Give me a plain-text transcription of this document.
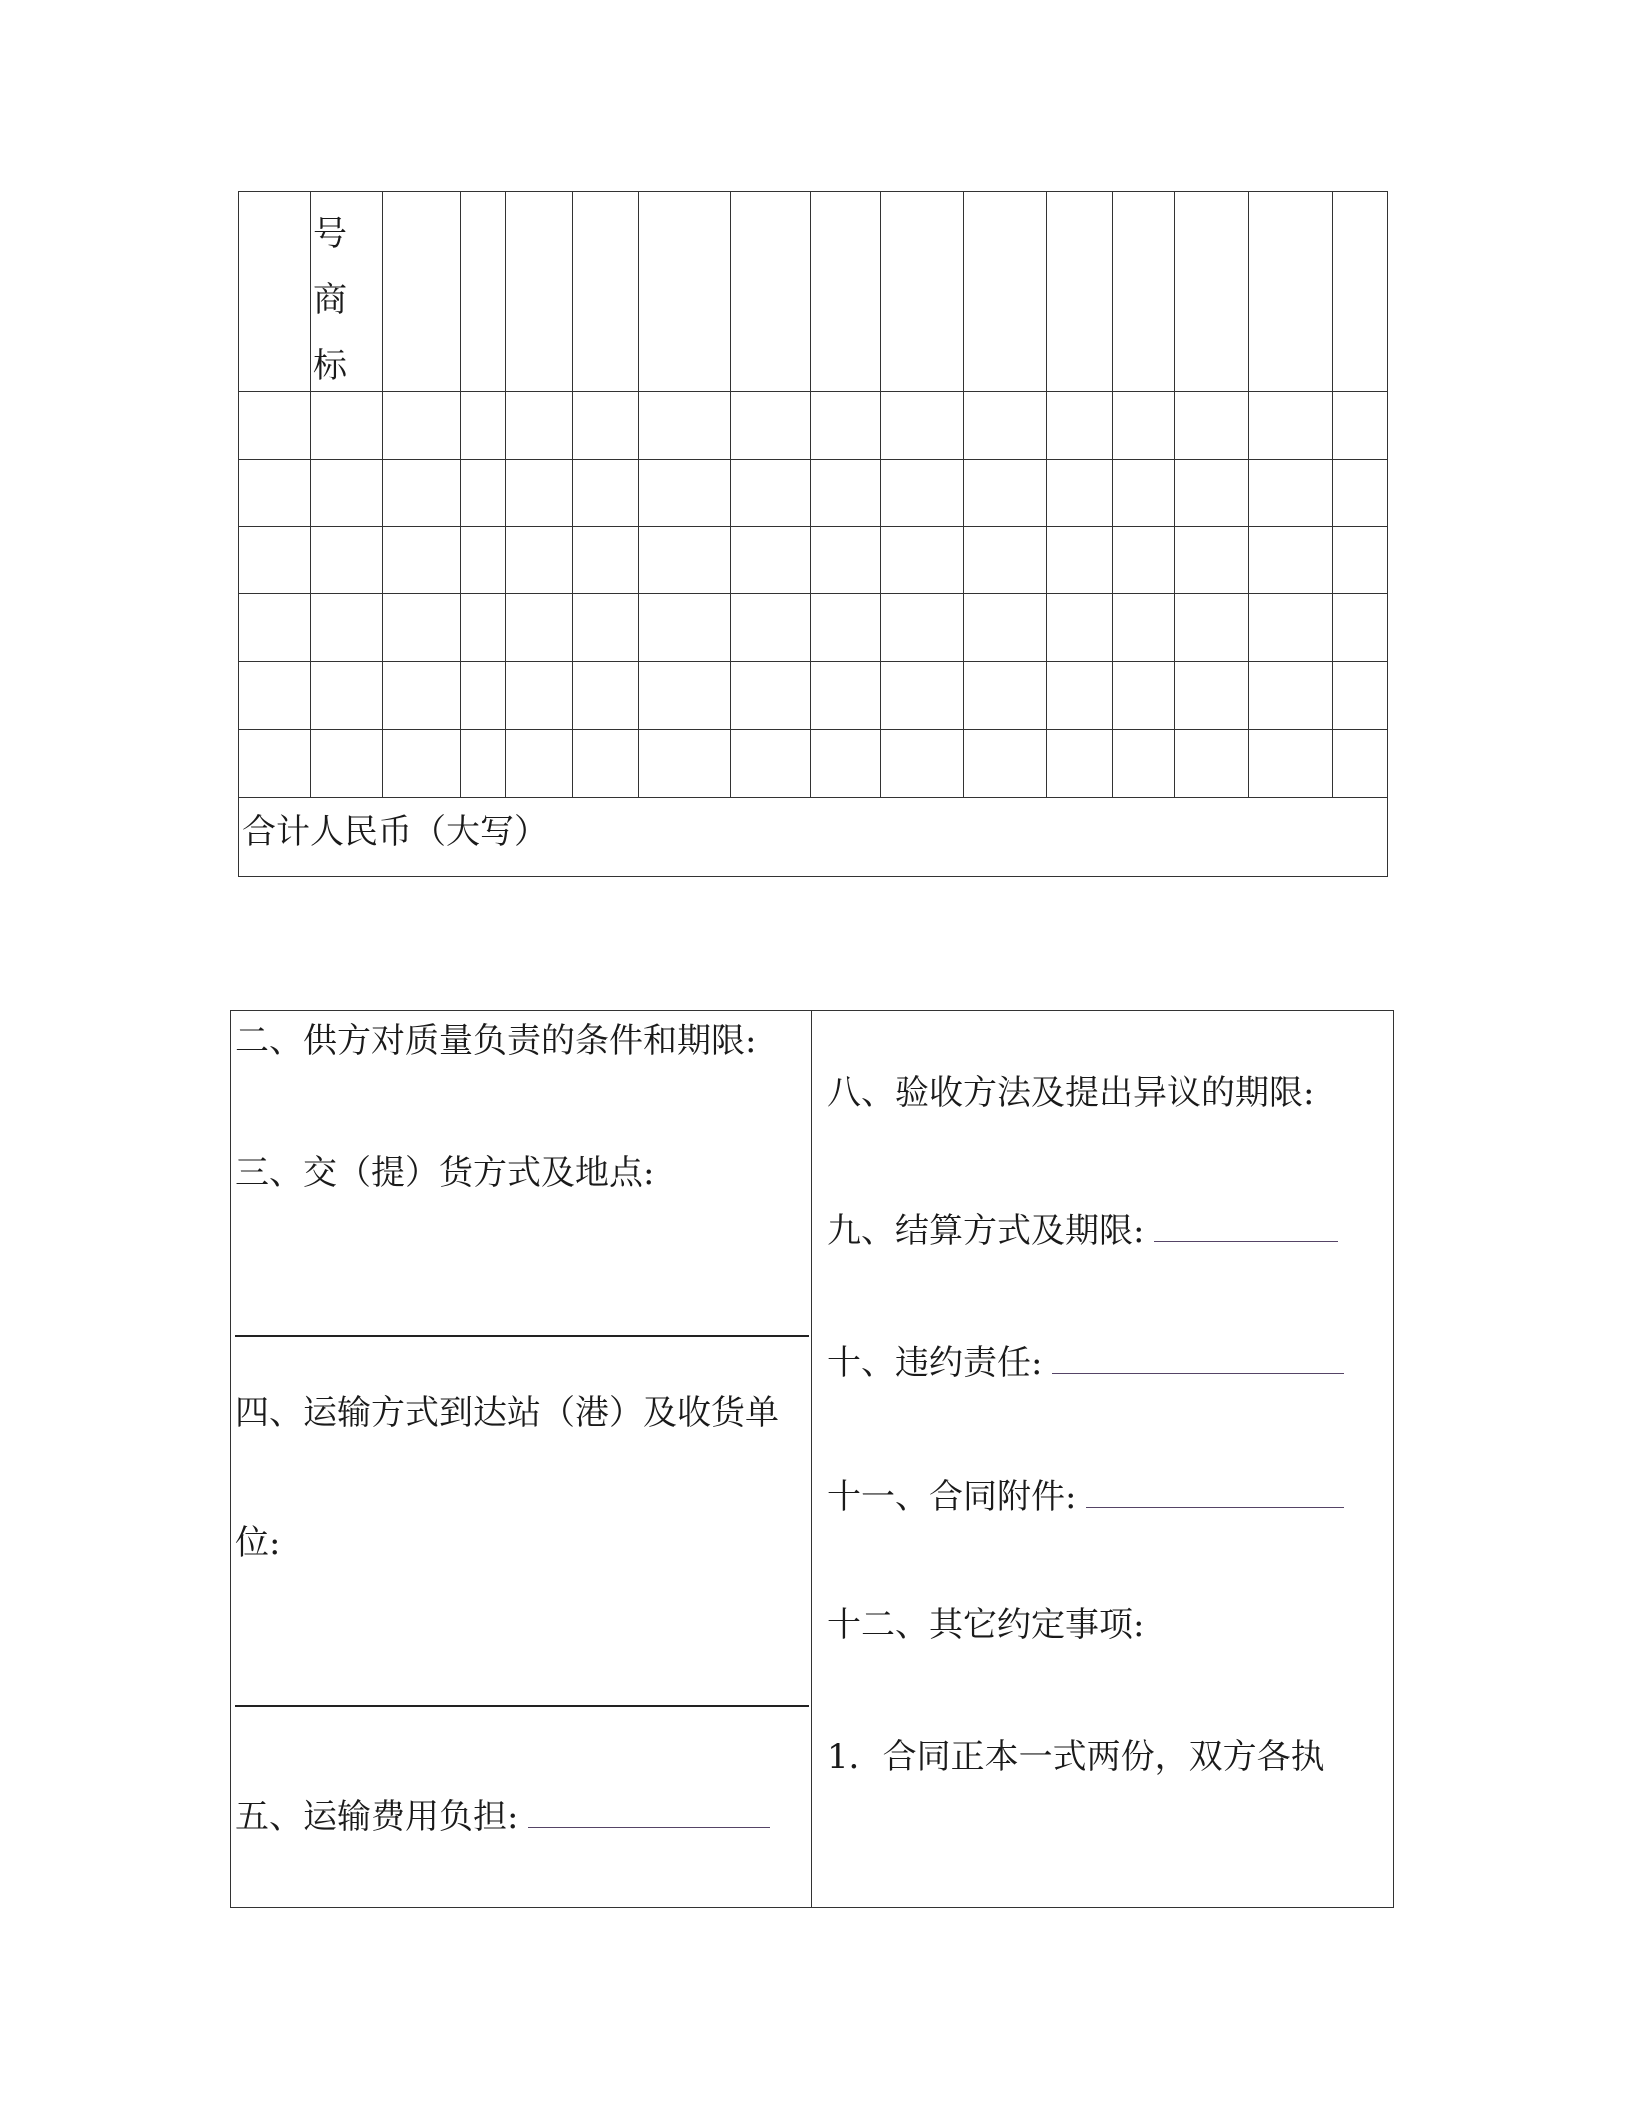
号
商
标
合计人民币（大写）
二、供方对质量负责的条件和期限:
三、交（提）货方式及地点:
四、运输方式到达站（港）及收货单
位:
五、运输费用负担:
八、验收方法及提出异议的期限:
九、结算方式及期限:
十、违约责任:
十一、合同附件:
十二、其它约定事项:
1．合同正本一式两份，双方各执
